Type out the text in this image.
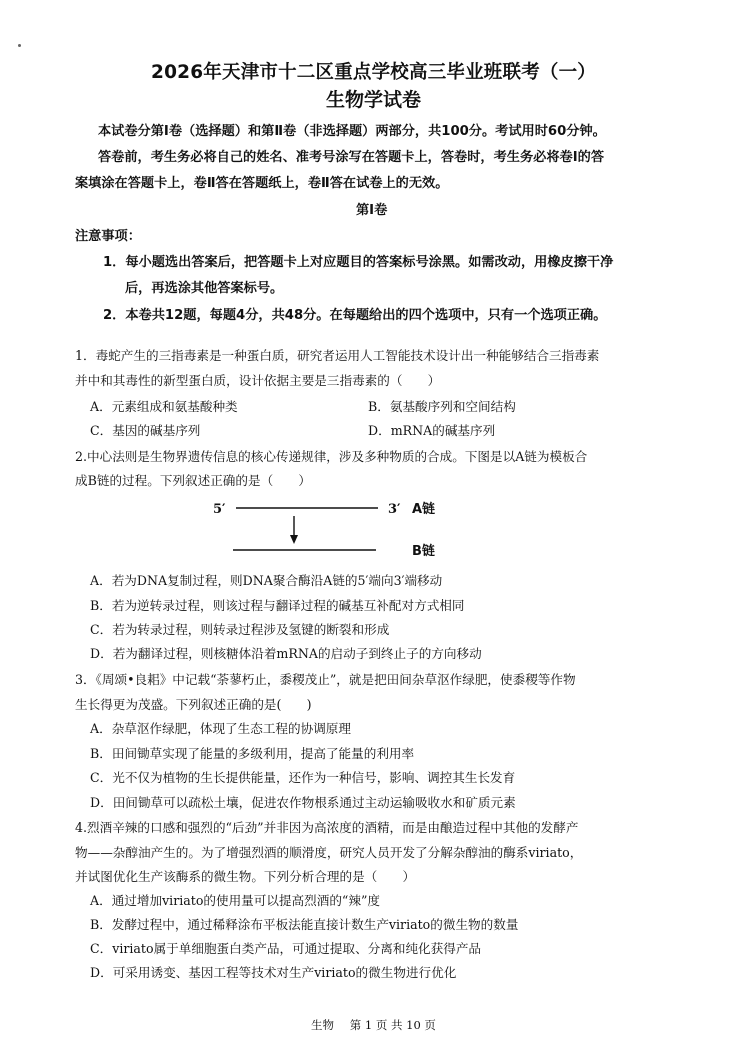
2026年天津市十二区重点学校高三毕业班联考（一）
生物学试卷
本试卷分第Ⅰ卷（选择题）和第Ⅱ卷（非选择题）两部分，共100分。考试用时60分钟。
答卷前，考生务必将自己的姓名、准考号涂写在答题卡上，答卷时，考生务必将卷Ⅰ的答
案填涂在答题卡上，卷Ⅱ答在答题纸上，卷Ⅱ答在试卷上的无效。
第Ⅰ卷
注意事项：
1．每小题选出答案后，把答题卡上对应题目的答案标号涂黑。如需改动，用橡皮擦干净
后，再选涂其他答案标号。
2．本卷共12题，每题4分，共48分。在每题给出的四个选项中，只有一个选项正确。
1．毒蛇产生的三指毒素是一种蛋白质，研究者运用人工智能技术设计出一种能够结合三指毒素
并中和其毒性的新型蛋白质，设计依据主要是三指毒素的（　　）
A．元素组成和氨基酸种类	B．氨基酸序列和空间结构
C．基因的碱基序列	D．mRNA的碱基序列
2.中心法则是生物界遗传信息的核心传递规律，涉及多种物质的合成。下图是以A链为模板合
成B链的过程。下列叙述正确的是（　　）
5′	3′ A链
B链
A．若为DNA复制过程，则DNA聚合酶沿A链的5′端向3′端移动
B．若为逆转录过程，则该过程与翻译过程的碱基互补配对方式相同
C．若为转录过程，则转录过程涉及氢键的断裂和形成
D．若为翻译过程，则核糖体沿着mRNA的启动子到终止子的方向移动
3．《周颂•良耜》中记载“荼蓼朽止，黍稷茂止”，就是把田间杂草沤作绿肥，使黍稷等作物
生长得更为茂盛。下列叙述正确的是(　　)
A．杂草沤作绿肥，体现了生态工程的协调原理
B．田间锄草实现了能量的多级利用，提高了能量的利用率
C．光不仅为植物的生长提供能量，还作为一种信号，影响、调控其生长发育
D．田间锄草可以疏松土壤，促进农作物根系通过主动运输吸收水和矿质元素
4.烈酒辛辣的口感和强烈的“后劲”并非因为高浓度的酒精，而是由酿造过程中其他的发酵产
物——杂醇油产生的。为了增强烈酒的顺滑度，研究人员开发了分解杂醇油的酶系viriato，
并试图优化生产该酶系的微生物。下列分析合理的是（　　）
A．通过增加viriato的使用量可以提高烈酒的“辣”度
B．发酵过程中，通过稀释涂布平板法能直接计数生产viriato的微生物的数量
C．viriato属于单细胞蛋白类产品，可通过提取、分离和纯化获得产品
D．可采用诱变、基因工程等技术对生产viriato的微生物进行优化
生物 第 1 页 共 10 页
